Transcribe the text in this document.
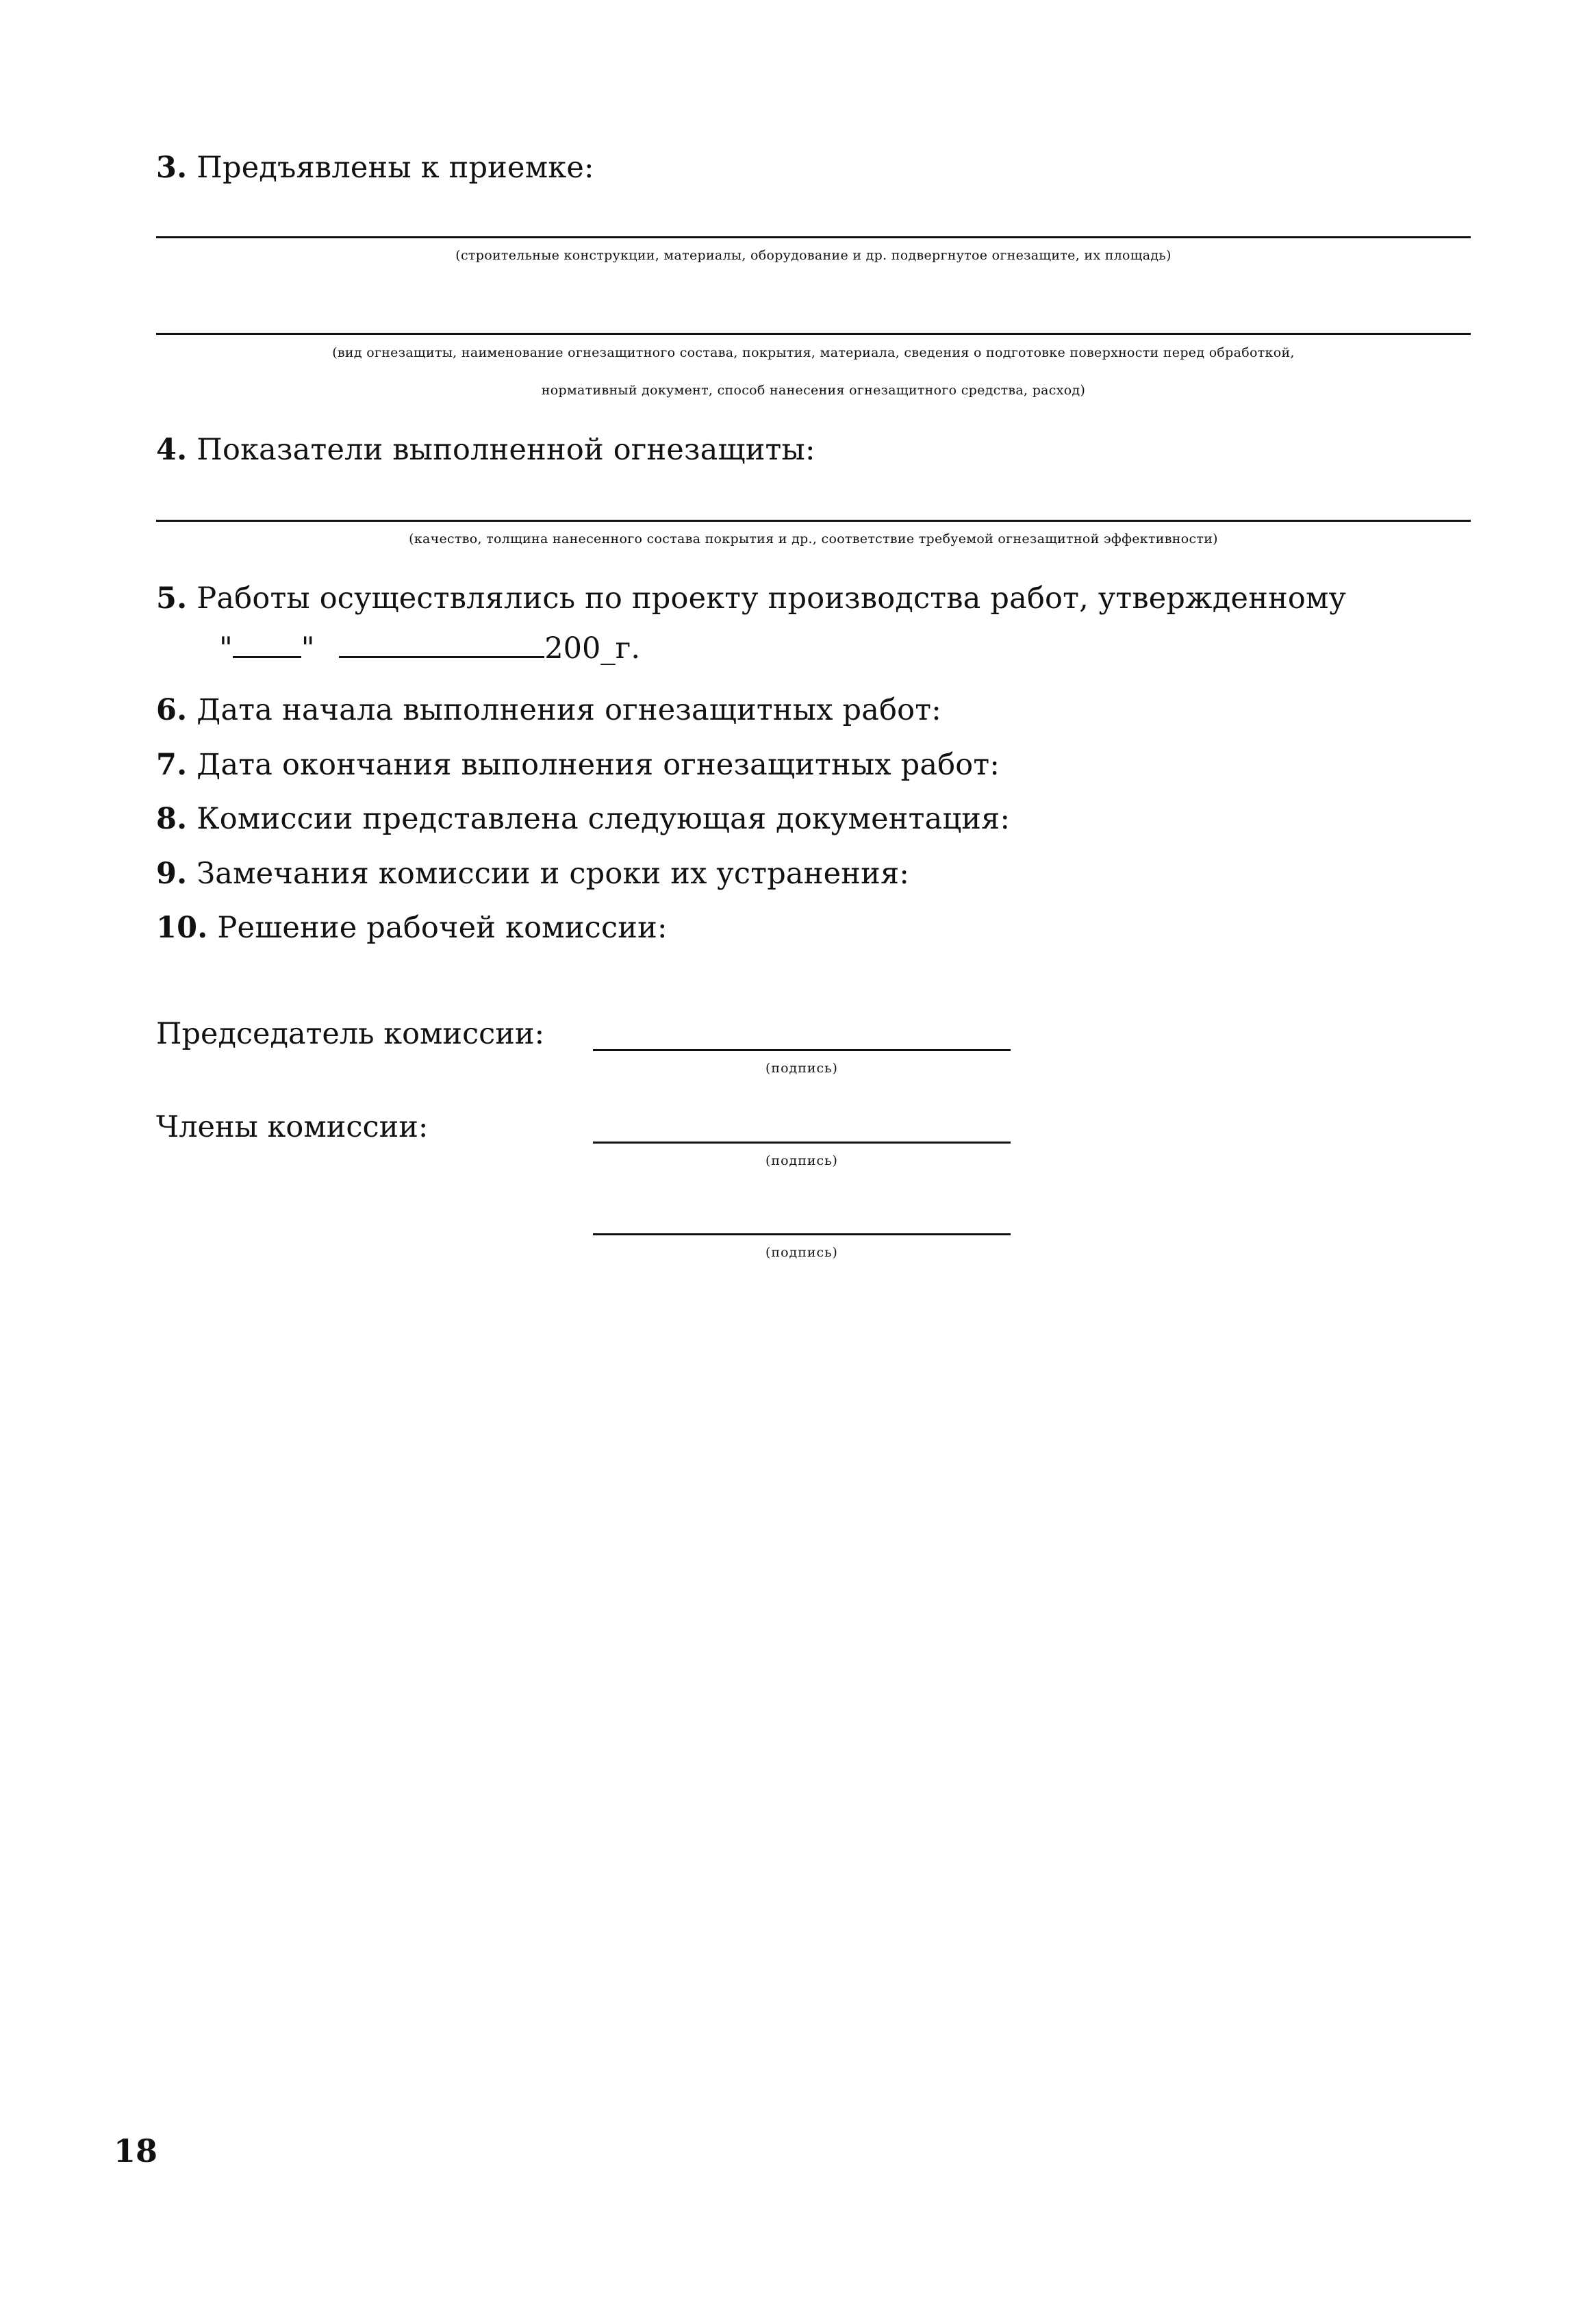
3. Предъявлены к приемке:
(строительные конструкции, материалы, оборудование и др. подвергнутое огнезащите, их площадь)
(вид огнезащиты, наименование огнезащитного состава, покрытия, материала, сведения о подготовке поверхности перед обработкой,
нормативный документ, способ нанесения огнезащитного средства, расход)
4. Показатели выполненной огнезащиты:
(качество, толщина нанесенного состава покрытия и др., соответствие требуемой огнезащитной эффективности)
5. Работы осуществлялись по проекту производства работ, утвержденному
" "	200_г.
6. Дата начала выполнения огнезащитных работ:
7. Дата окончания выполнения огнезащитных работ:
8. Комиссии представлена следующая документация:
9. Замечания комиссии и сроки их устранения:
10. Решение рабочей комиссии:
Председатель комиссии:
(подпись)
Члены комиссии:
(подпись)
(подпись)
18
